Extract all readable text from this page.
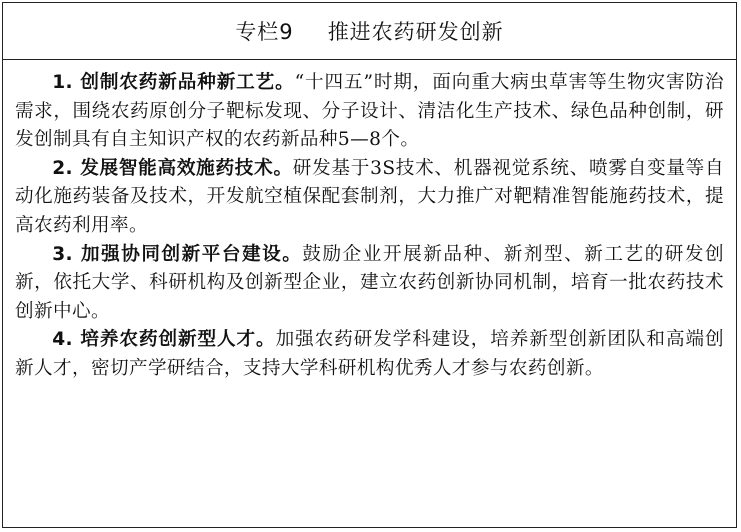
专栏9 推进农药研发创新

1. 创制农药新品种新工艺。“十四五”时期，面向重大病虫草害等生物灾害防治需求，围绕农药原创分子靶标发现、分子设计、清洁化生产技术、绿色品种创制，研发创制具有自主知识产权的农药新品种5—8个。

2. 发展智能高效施药技术。研发基于3S技术、机器视觉系统、喷雾自变量等自动化施药装备及技术，开发航空植保配套制剂，大力推广对靶精准智能施药技术，提高农药利用率。

3. 加强协同创新平台建设。鼓励企业开展新品种、新剂型、新工艺的研发创新，依托大学、科研机构及创新型企业，建立农药创新协同机制，培育一批农药技术创新中心。

4. 培养农药创新型人才。加强农药研发学科建设，培养新型创新团队和高端创新人才，密切产学研结合，支持大学科研机构优秀人才参与农药创新。
